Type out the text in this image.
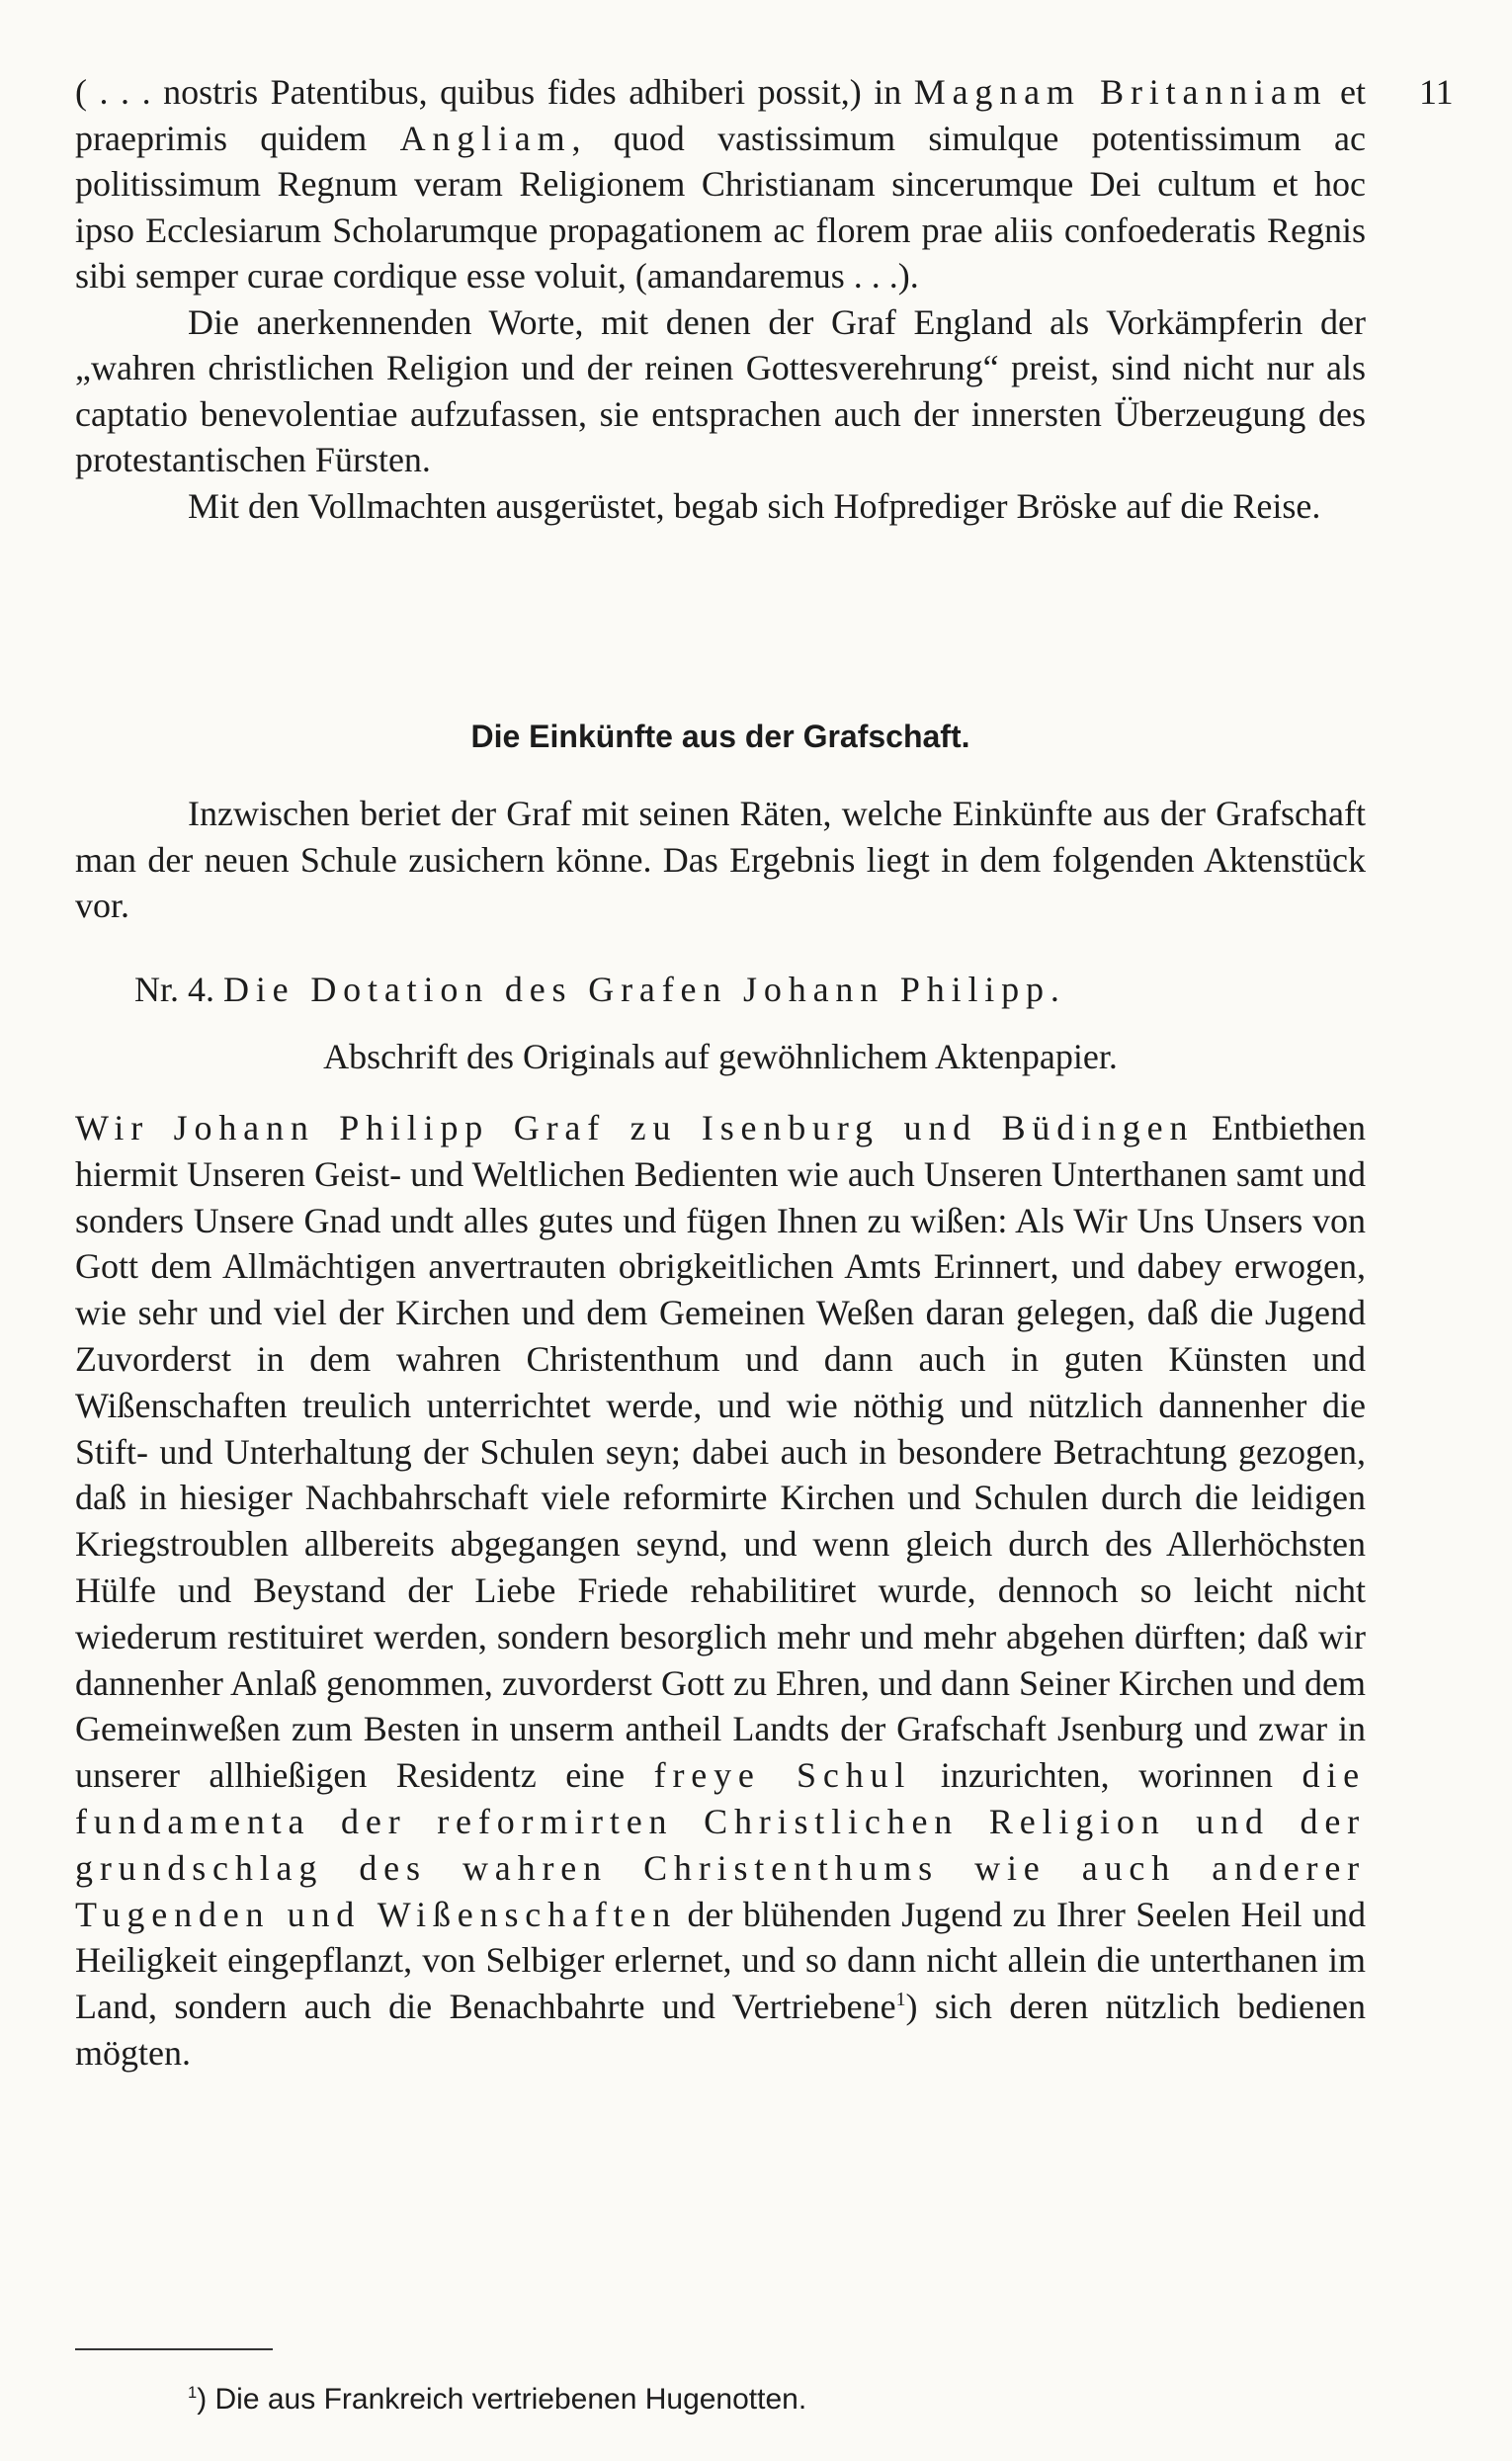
11

( . . . nostris Patentibus, quibus fides adhiberi possit,) in Magnam Britanniam et praeprimis quidem Angliam, quod vastissimum simulque potentissimum ac politissimum Regnum veram Religionem Christianam sincerumque Dei cultum et hoc ipso Ecclesiarum Scholarumque propagationem ac florem prae aliis confoederatis Regnis sibi semper curae cordique esse voluit, (amandaremus . . .).

Die anerkennenden Worte, mit denen der Graf England als Vorkämpferin der „wahren christlichen Religion und der reinen Gottesverehrung“ preist, sind nicht nur als captatio benevolentiae aufzufassen, sie entsprachen auch der innersten Überzeugung des protestantischen Fürsten.

Mit den Vollmachten ausgerüstet, begab sich Hofprediger Bröske auf die Reise.

Die Einkünfte aus der Grafschaft.

Inzwischen beriet der Graf mit seinen Räten, welche Einkünfte aus der Grafschaft man der neuen Schule zusichern könne. Das Ergebnis liegt in dem folgenden Aktenstück vor.

Nr. 4. Die Dotation des Grafen Johann Philipp.
Abschrift des Originals auf gewöhnlichem Aktenpapier.

Wir Johann Philipp Graf zu Isenburg und Büdingen Entbiethen hiermit Unseren Geist- und Weltlichen Bedienten wie auch Unseren Unterthanen samt und sonders Unsere Gnad undt alles gutes und fügen Ihnen zu wißen: Als Wir Uns Unsers von Gott dem Allmächtigen anvertrauten obrigkeitlichen Amts Erinnert, und dabey erwogen, wie sehr und viel der Kirchen und dem Gemeinen Weßen daran gelegen, daß die Jugend Zuvorderst in dem wahren Christenthum und dann auch in guten Künsten und Wißenschaften treulich unterrichtet werde, und wie nöthig und nützlich dannenher die Stift- und Unterhaltung der Schulen seyn; dabei auch in besondere Betrachtung gezogen, daß in hiesiger Nachbahrschaft viele reformirte Kirchen und Schulen durch die leidigen Kriegstroublen allbereits abgegangen seynd, und wenn gleich durch des Allerhöchsten Hülfe und Beystand der Liebe Friede rehabilitiret wurde, dennoch so leicht nicht wiederum restituiret werden, sondern besorglich mehr und mehr abgehen dürften; daß wir dannenher Anlaß genommen, zuvorderst Gott zu Ehren, und dann Seiner Kirchen und dem Gemeinweßen zum Besten in unserm antheil Landts der Grafschaft Jsenburg und zwar in unserer allhießigen Residentz eine freye Schul inzurichten, worinnen die fundamenta der reformirten Christlichen Religion und der grundschlag des wahren Christenthums wie auch anderer Tugenden und Wißenschaften der blühenden Jugend zu Ihrer Seelen Heil und Heiligkeit eingepflanzt, von Selbiger erlernet, und so dann nicht allein die unterthanen im Land, sondern auch die Benachbahrte und Vertriebene$^1$) sich deren nützlich bedienen mögten.

$^1$) Die aus Frankreich vertriebenen Hugenotten.
